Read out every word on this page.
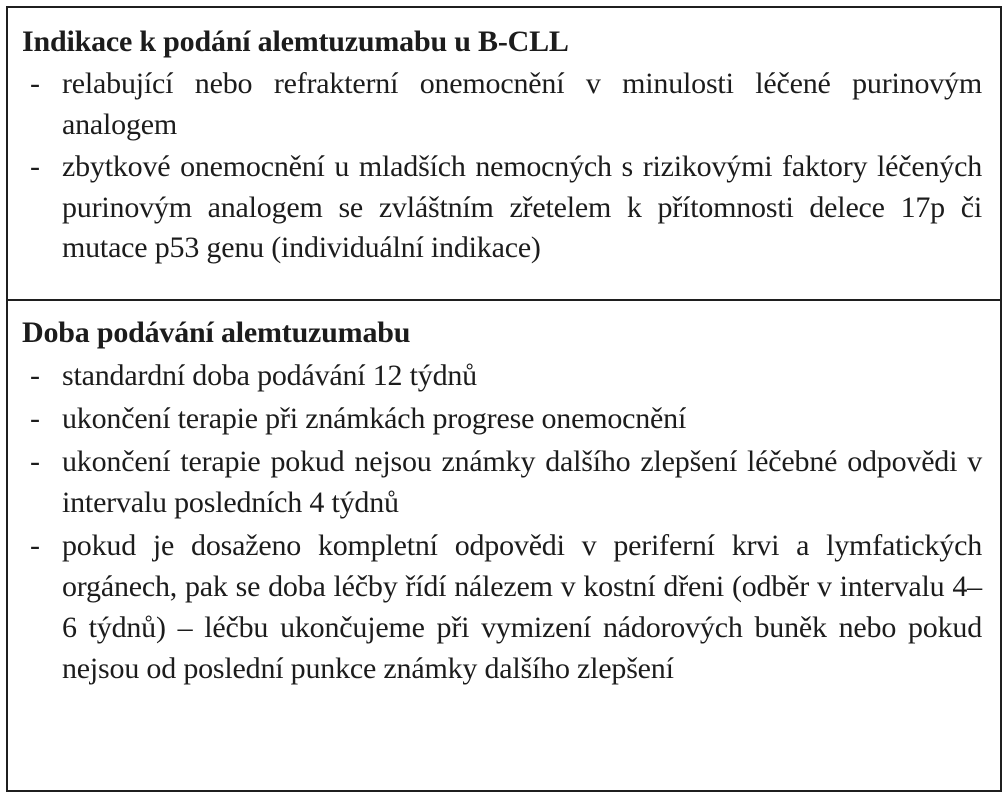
Indikace k podání alemtuzumabu u B-CLL
- relabující nebo refrakterní onemocnění v minulosti léčené purinovým analogem
- zbytkové onemocnění u mladších nemocných s rizikovými faktory léčených purinovým analogem se zvláštním zřetelem k přítomnosti delece 17p či mutace p53 genu (individuální indikace)
Doba podávání alemtuzumabu
- standardní doba podávání 12 týdnů
- ukončení terapie při známkách progrese onemocnění
- ukončení terapie pokud nejsou známky dalšího zlepšení léčebné odpovědi v intervalu posledních 4 týdnů
- pokud je dosaženo kompletní odpovědi v periferní krvi a lymfatických orgánech, pak se doba léčby řídí nálezem v kostní dřeni (odběr v intervalu 4–6 týdnů) – léčbu ukončujeme při vymizení nádorových buněk nebo pokud nejsou od poslední punkce známky dalšího zlepšení
